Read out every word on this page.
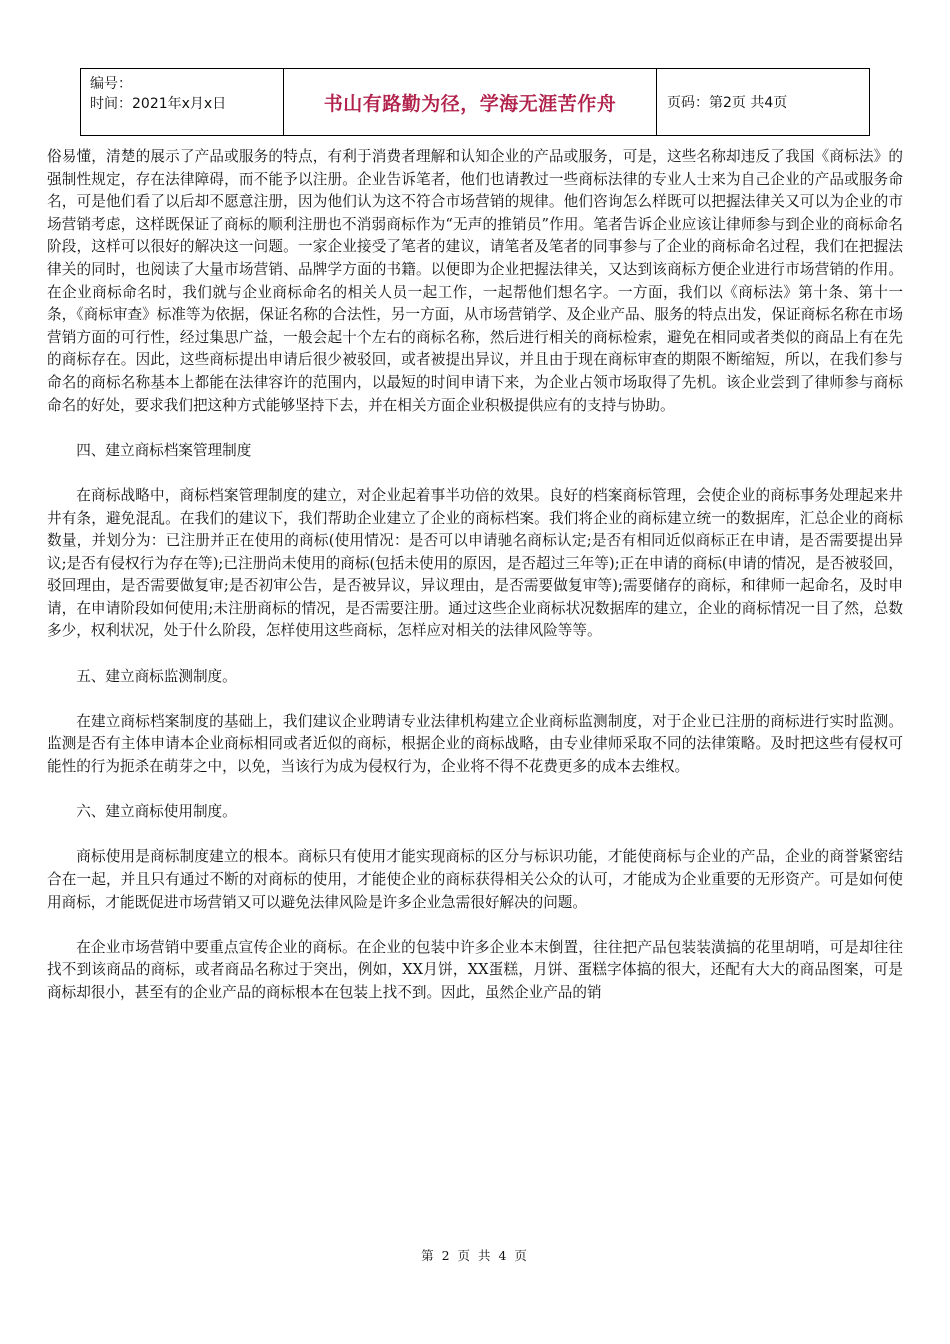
编号：
时间：2021年x月x日	书山有路勤为径，学海无涯苦作舟	页码：第2页 共4页

俗易懂，清楚的展示了产品或服务的特点，有利于消费者理解和认知企业的产品或服务，可是，这些名称却违反了我国《商标法》的强制性规定，存在法律障碍，而不能予以注册。企业告诉笔者，他们也请教过一些商标法律的专业人士来为自己企业的产品或服务命名，可是他们看了以后却不愿意注册，因为他们认为这不符合市场营销的规律。他们咨询怎么样既可以把握法律关又可以为企业的市场营销考虑，这样既保证了商标的顺利注册也不消弱商标作为“无声的推销员”作用。笔者告诉企业应该让律师参与到企业的商标命名阶段，这样可以很好的解决这一问题。一家企业接受了笔者的建议，请笔者及笔者的同事参与了企业的商标命名过程，我们在把握法律关的同时，也阅读了大量市场营销、品牌学方面的书籍。以便即为企业把握法律关，又达到该商标方便企业进行市场营销的作用。在企业商标命名时，我们就与企业商标命名的相关人员一起工作，一起帮他们想名字。一方面，我们以《商标法》第十条、第十一条，《商标审查》标准等为依据，保证名称的合法性，另一方面，从市场营销学、及企业产品、服务的特点出发，保证商标名称在市场营销方面的可行性，经过集思广益，一般会起十个左右的商标名称，然后进行相关的商标检索，避免在相同或者类似的商品上有在先的商标存在。因此，这些商标提出申请后很少被驳回，或者被提出异议，并且由于现在商标审查的期限不断缩短，所以，在我们参与命名的商标名称基本上都能在法律容许的范围内，以最短的时间申请下来，为企业占领市场取得了先机。该企业尝到了律师参与商标命名的好处，要求我们把这种方式能够坚持下去，并在相关方面企业积极提供应有的支持与协助。

四、建立商标档案管理制度

在商标战略中，商标档案管理制度的建立，对企业起着事半功倍的效果。良好的档案商标管理，会使企业的商标事务处理起来井井有条，避免混乱。在我们的建议下，我们帮助企业建立了企业的商标档案。我们将企业的商标建立统一的数据库，汇总企业的商标数量，并划分为：已注册并正在使用的商标(使用情况：是否可以申请驰名商标认定;是否有相同近似商标正在申请，是否需要提出异议;是否有侵权行为存在等);已注册尚未使用的商标(包括未使用的原因，是否超过三年等);正在申请的商标(申请的情况，是否被驳回，驳回理由，是否需要做复审;是否初审公告，是否被异议，异议理由，是否需要做复审等);需要储存的商标，和律师一起命名，及时申请，在申请阶段如何使用;未注册商标的情况，是否需要注册。通过这些企业商标状况数据库的建立，企业的商标情况一目了然，总数多少，权利状况，处于什么阶段，怎样使用这些商标，怎样应对相关的法律风险等等。

五、建立商标监测制度。

在建立商标档案制度的基础上，我们建议企业聘请专业法律机构建立企业商标监测制度，对于企业已注册的商标进行实时监测。监测是否有主体申请本企业商标相同或者近似的商标，根据企业的商标战略，由专业律师采取不同的法律策略。及时把这些有侵权可能性的行为扼杀在萌芽之中，以免，当该行为成为侵权行为，企业将不得不花费更多的成本去维权。

六、建立商标使用制度。

商标使用是商标制度建立的根本。商标只有使用才能实现商标的区分与标识功能，才能使商标与企业的产品，企业的商誉紧密结合在一起，并且只有通过不断的对商标的使用，才能使企业的商标获得相关公众的认可，才能成为企业重要的无形资产。可是如何使用商标，才能既促进市场营销又可以避免法律风险是许多企业急需很好解决的问题。

在企业市场营销中要重点宣传企业的商标。在企业的包装中许多企业本末倒置，往往把产品包装装潢搞的花里胡哨，可是却往往找不到该商品的商标，或者商品名称过于突出，例如，XX月饼，XX蛋糕，月饼、蛋糕字体搞的很大，还配有大大的商品图案，可是商标却很小，甚至有的企业产品的商标根本在包装上找不到。因此，虽然企业产品的销

第 2 页 共 4 页
